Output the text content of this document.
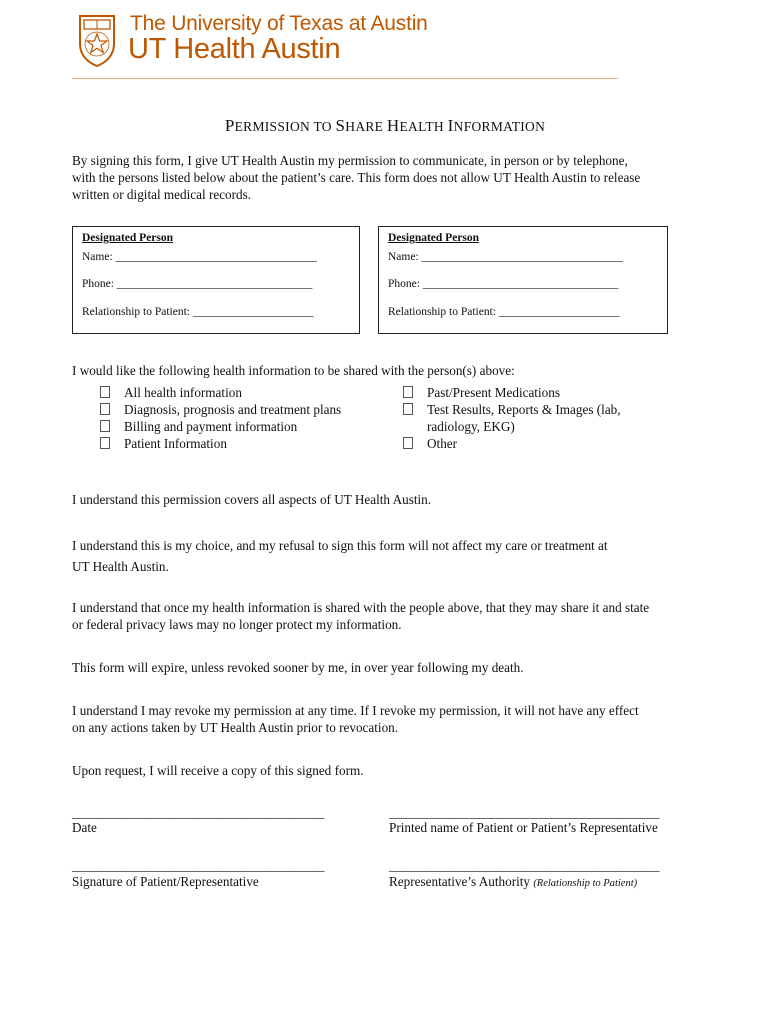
The University of Texas at Austin
UT Health Austin
PERMISSION TO SHARE HEALTH INFORMATION
By signing this form, I give UT Health Austin my permission to communicate, in person or by telephone,
with the persons listed below about the patient’s care. This form does not allow UT Health Austin to release
written or digital medical records.
Designated Person
Name: ___________________________________
Phone: __________________________________
Relationship to Patient: _____________________
Designated Person
Name: ___________________________________
Phone: __________________________________
Relationship to Patient: _____________________
I would like the following health information to be shared with the person(s) above:
All health information
Diagnosis, prognosis and treatment plans
Billing and payment information
Patient Information
Past/Present Medications
Test Results, Reports & Images (lab,
radiology, EKG)
Other
I understand this permission covers all aspects of UT Health Austin.
I understand this is my choice, and my refusal to sign this form will not affect my care or treatment at
UT Health Austin.
I understand that once my health information is shared with the people above, that they may share it and state
or federal privacy laws may no longer protect my information.
This form will expire, unless revoked sooner by me, in over year following my death.
I understand I may revoke my permission at any time. If I revoke my permission, it will not have any effect
on any actions taken by UT Health Austin prior to revocation.
Upon request, I will receive a copy of this signed form.
__________________________________________	_____________________________________________
Date	Printed name of Patient or Patient’s Representative
__________________________________________	_____________________________________________
Signature of Patient/Representative	Representative’s Authority (Relationship to Patient)
